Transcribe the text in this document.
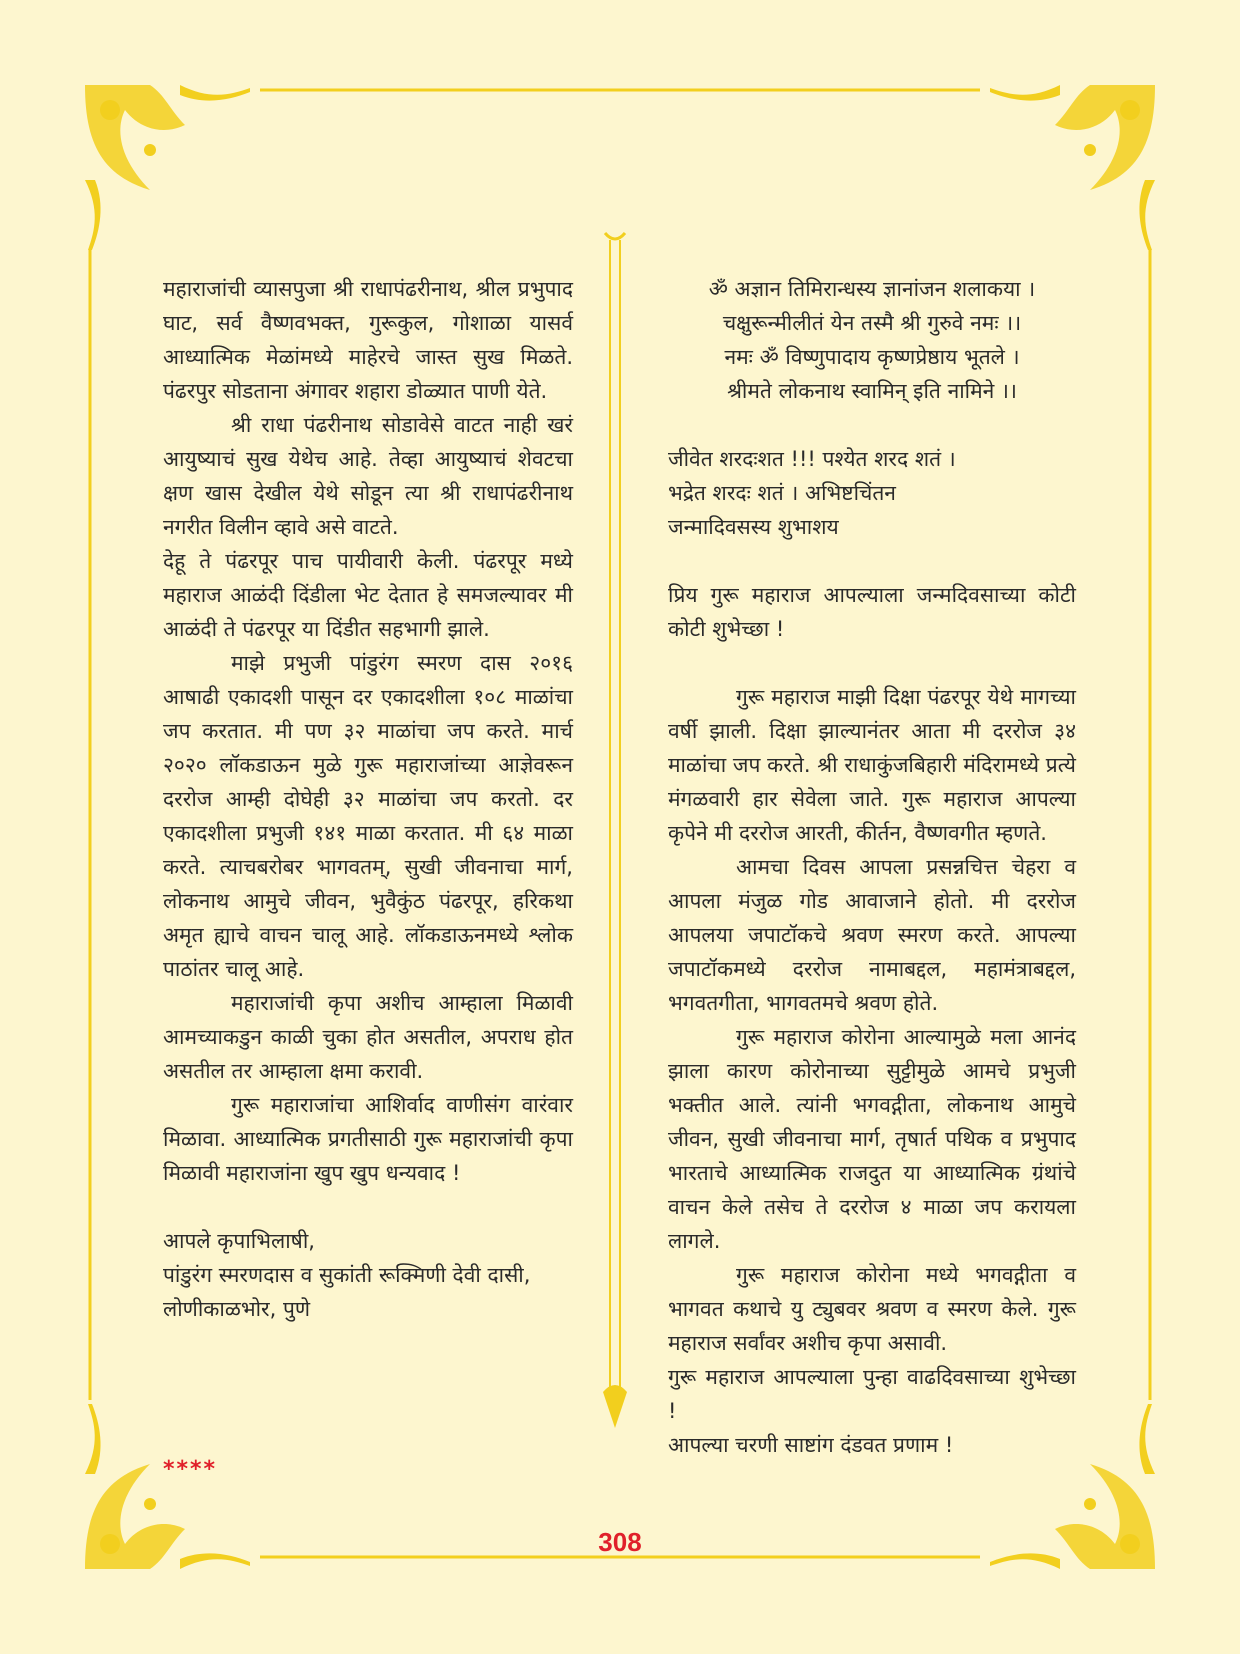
महाराजांची व्यासपुजा श्री राधापंढरीनाथ, श्रील प्रभुपाद घाट, सर्व वैष्णवभक्त, गुरूकुल, गोशाळा यासर्व आध्यात्मिक मेळांमध्ये माहेरचे जास्त सुख मिळते. पंढरपुर सोडताना अंगावर शहारा डोळ्यात पाणी येते.

श्री राधा पंढरीनाथ सोडावेसे वाटत नाही खरं आयुष्याचं सुख येथेच आहे. तेव्हा आयुष्याचं शेवटचा क्षण खास देखील येथे सोडून त्या श्री राधापंढरीनाथ नगरीत विलीन व्हावे असे वाटते.

देहू ते पंढरपूर पाच पायीवारी केली. पंढरपूर मध्ये महाराज आळंदी दिंडीला भेट देतात हे समजल्यावर मी आळंदी ते पंढरपूर या दिंडीत सहभागी झाले.

माझे प्रभुजी पांडुरंग स्मरण दास २०१६ आषाढी एकादशी पासून दर एकादशीला १०८ माळांचा जप करतात. मी पण ३२ माळांचा जप करते. मार्च २०२० लॉकडाऊन मुळे गुरू महाराजांच्या आज्ञेवरून दररोज आम्ही दोघेही ३२ माळांचा जप करतो. दर एकादशीला प्रभुजी १४१ माळा करतात. मी ६४ माळा करते. त्याचबरोबर भागवतम्, सुखी जीवनाचा मार्ग, लोकनाथ आमुचे जीवन, भुवैकुंठ पंढरपूर, हरिकथा अमृत ह्याचे वाचन चालू आहे. लॉकडाऊनमध्ये श्लोक पाठांतर चालू आहे.

महाराजांची कृपा अशीच आम्हाला मिळावी आमच्याकडुन काळी चुका होत असतील, अपराध होत असतील तर आम्हाला क्षमा करावी.

गुरू महाराजांचा आशिर्वाद वाणीसंग वारंवार मिळावा. आध्यात्मिक प्रगतीसाठी गुरू महाराजांची कृपा मिळावी महाराजांना खुप खुप धन्यवाद !

आपले कृपाभिलाषी,

पांडुरंग स्मरणदास व सुकांती रूक्मिणी देवी दासी,

लोणीकाळभोर, पुणे

ॐ अज्ञान तिमिरान्धस्य ज्ञानांजन शलाकया ।

चक्षुरून्मीलीतं येन तस्मै श्री गुरुवे नमः ।।

नमः ॐ विष्णुपादाय कृष्णप्रेष्ठाय भूतले ।

श्रीमते लोकनाथ स्वामिन् इति नामिने ।।

जीवेत शरदःशत !!! पश्येत शरद शतं ।

भद्रेत शरदः शतं । अभिष्टचिंतन

जन्मादिवसस्य शुभाशय

प्रिय गुरू महाराज आपल्याला जन्मदिवसाच्या कोटी कोटी शुभेच्छा !

गुरू महाराज माझी दिक्षा पंढरपूर येथे मागच्या वर्षी झाली. दिक्षा झाल्यानंतर आता मी दररोज ३४ माळांचा जप करते. श्री राधाकुंजबिहारी मंदिरामध्ये प्रत्ये मंगळवारी हार सेवेला जाते. गुरू महाराज आपल्या कृपेने मी दररोज आरती, कीर्तन, वैष्णवगीत म्हणते.

आमचा दिवस आपला प्रसन्नचित्त चेहरा व आपला मंजुळ गोड आवाजाने होतो. मी दररोज आपलया जपाटॉकचे श्रवण स्मरण करते. आपल्या जपाटॉकमध्ये दररोज नामाबद्दल, महामंत्राबद्दल, भगवतगीता, भागवतमचे श्रवण होते.

गुरू महाराज कोरोना आल्यामुळे मला आनंद झाला कारण कोरोनाच्या सुट्टीमुळे आमचे प्रभुजी भक्तीत आले. त्यांनी भगवद्गीता, लोकनाथ आमुचे जीवन, सुखी जीवनाचा मार्ग, तृषार्त पथिक व प्रभुपाद भारताचे आध्यात्मिक राजदुत या आध्यात्मिक ग्रंथांचे वाचन केले तसेच ते दररोज ४ माळा जप करायला लागले.

गुरू महाराज कोरोना मध्ये भगवद्गीता व भागवत कथाचे यु ट्युबवर श्रवण व स्मरण केले. गुरू महाराज सर्वांवर अशीच कृपा असावी.

गुरू महाराज आपल्याला पुन्हा वाढदिवसाच्या शुभेच्छा !

आपल्या चरणी साष्टांग दंडवत प्रणाम !

****
308
